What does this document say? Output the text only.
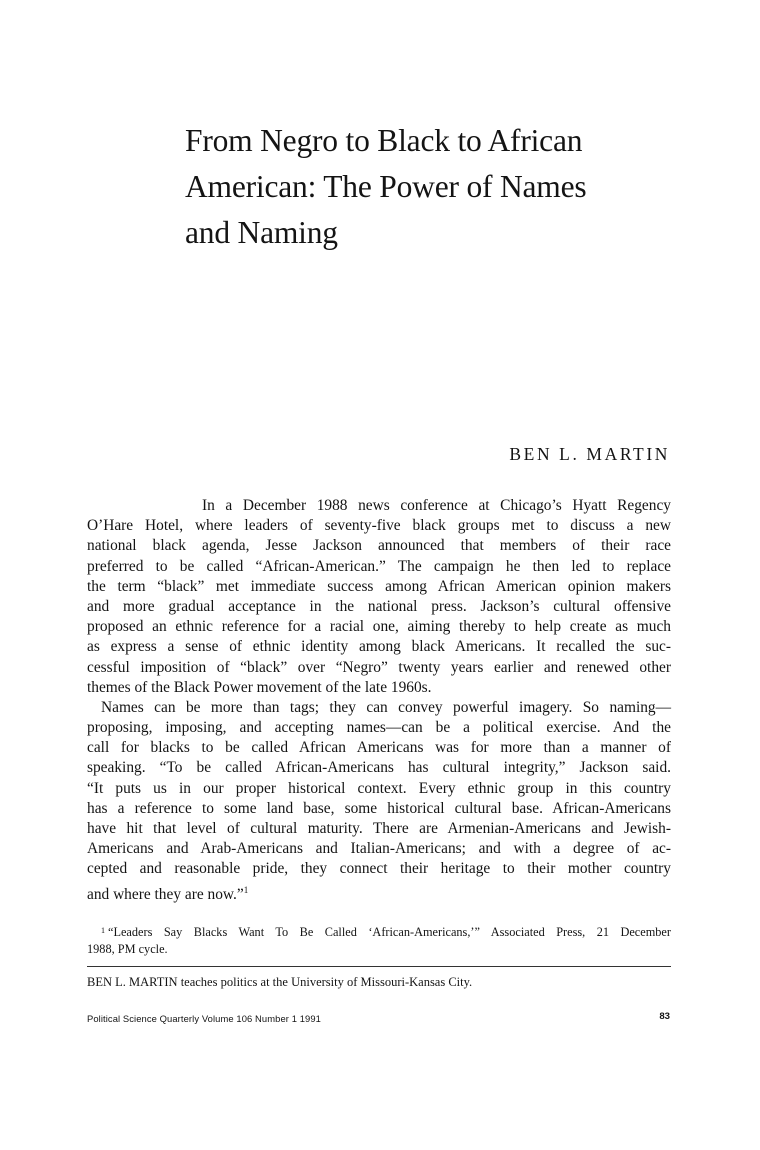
From Negro to Black to African
American: The Power of Names
and Naming

BEN L. MARTIN

In a December 1988 news conference at Chicago’s Hyatt Regency
O’Hare Hotel, where leaders of seventy-five black groups met to discuss a new
national black agenda, Jesse Jackson announced that members of their race
preferred to be called “African-American.” The campaign he then led to replace
the term “black” met immediate success among African American opinion makers
and more gradual acceptance in the national press. Jackson’s cultural offensive
proposed an ethnic reference for a racial one, aiming thereby to help create as much
as express a sense of ethnic identity among black Americans. It recalled the suc-
cessful imposition of “black” over “Negro” twenty years earlier and renewed other
themes of the Black Power movement of the late 1960s.
Names can be more than tags; they can convey powerful imagery. So naming—
proposing, imposing, and accepting names—can be a political exercise. And the
call for blacks to be called African Americans was for more than a manner of
speaking. “To be called African-Americans has cultural integrity,” Jackson said.
“It puts us in our proper historical context. Every ethnic group in this country
has a reference to some land base, some historical cultural base. African-Americans
have hit that level of cultural maturity. There are Armenian-Americans and Jewish-
Americans and Arab-Americans and Italian-Americans; and with a degree of ac-
cepted and reasonable pride, they connect their heritage to their mother country
and where they are now.”$^1$
$^1$ “Leaders Say Blacks Want To Be Called ‘African-Americans,’” Associated Press, 21 December
1988, PM cycle.

BEN L. MARTIN teaches politics at the University of Missouri-Kansas City.

Political Science Quarterly Volume 106 Number 1 1991	83
